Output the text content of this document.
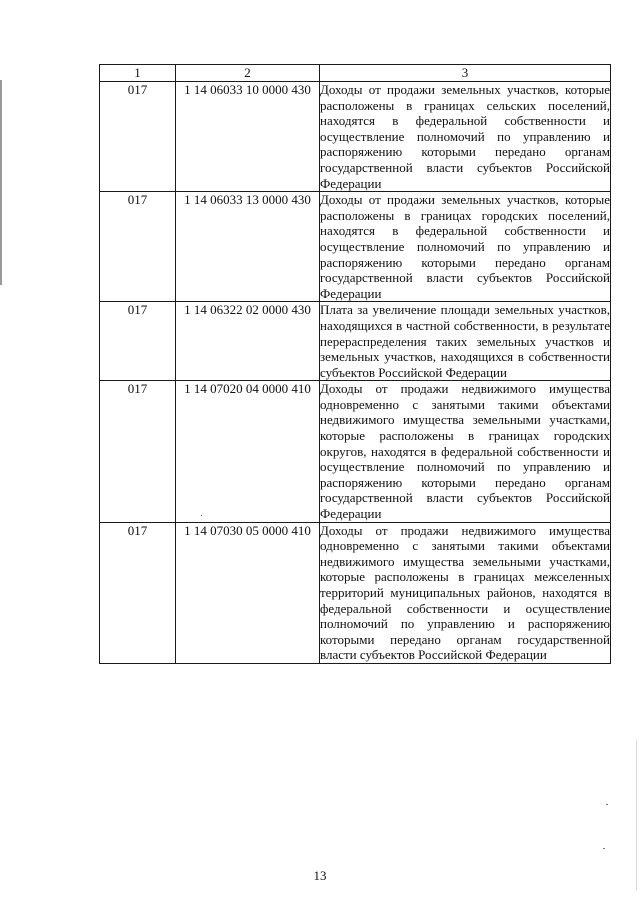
1	2	3
017	1 14 06033 10 0000 430	Доходы от продажи земельных участков, которые расположены в границах сельских поселений, находятся в федеральной собственности и осуществление полномочий по управлению и распоряжению которыми передано органам государственной власти субъектов Российской Федерации
017	1 14 06033 13 0000 430	Доходы от продажи земельных участков, которые расположены в границах городских поселений, находятся в федеральной собственности и осуществление полномочий по управлению и распоряжению которыми передано органам государственной власти субъектов Российской Федерации
017	1 14 06322 02 0000 430	Плата за увеличение площади земельных участков, находящихся в частной собственности, в результате перераспределения таких земельных участков и земельных участков, находящихся в собственности субъектов Российской Федерации
017	1 14 07020 04 0000 410	Доходы от продажи недвижимого имущества одновременно с занятыми такими объектами недвижимого имущества земельными участками, которые расположены в границах городских округов, находятся в федеральной собственности и осуществление полномочий по управлению и распоряжению которыми передано органам государственной власти субъектов Российской Федерации
017	1 14 07030 05 0000 410	Доходы от продажи недвижимого имущества одновременно с занятыми такими объектами недвижимого имущества земельными участками, которые расположены в границах межселенных территорий муниципальных районов, находятся в федеральной собственности и осуществление полномочий по управлению и распоряжению которыми передано органам государственной власти субъектов Российской Федерации
13
